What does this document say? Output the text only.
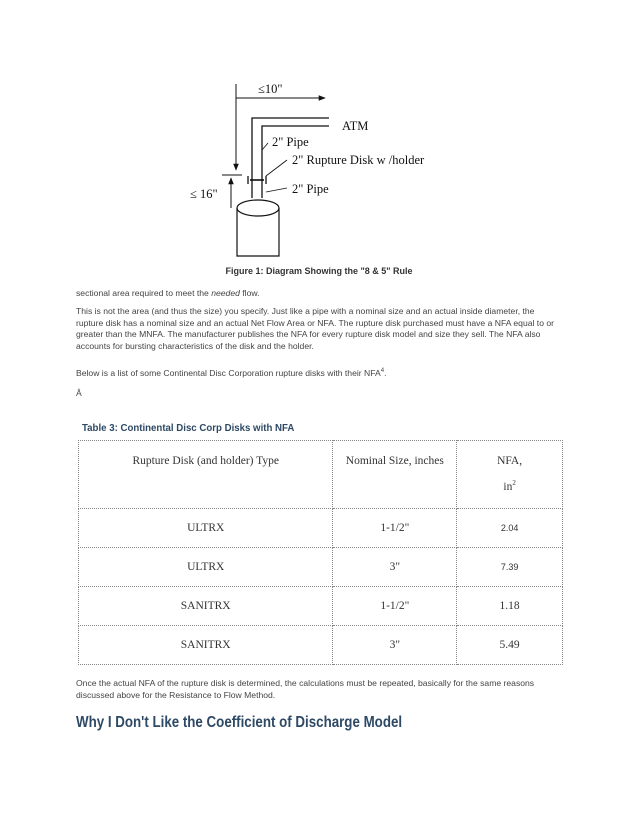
≤10"
≤ 16"
ATM
2" Pipe
2" Rupture Disk w /holder
2" Pipe
Figure 1: Diagram Showing the "8 & 5" Rule

sectional area required to meet the needed flow.

This is not the area (and thus the size) you specify. Just like a pipe with a nominal size and an actual inside diameter, the rupture disk has a nominal size and an actual Net Flow Area or NFA. The rupture disk purchased must have a NFA equal to or greater than the MNFA. The manufacturer publishes the NFA for every rupture disk model and size they sell. The NFA also accounts for bursting characteristics of the disk and the holder.

Below is a list of some Continental Disc Corporation rupture disks with their NFA$^4$.

Â

Table 3: Continental Disc Corp Disks with NFA
Rupture Disk (and holder) Type	Nominal Size, inches	NFA,
$in^2$

ULTRX	1-1/2"	2.04
ULTRX	3"	7.39
SANITRX	1-1/2"	1.18
SANITRX	3"	5.49

Once the actual NFA of the rupture disk is determined, the calculations must be repeated, basically for the same reasons discussed above for the Resistance to Flow Method.

Why I Don't Like the Coefficient of Discharge Model
